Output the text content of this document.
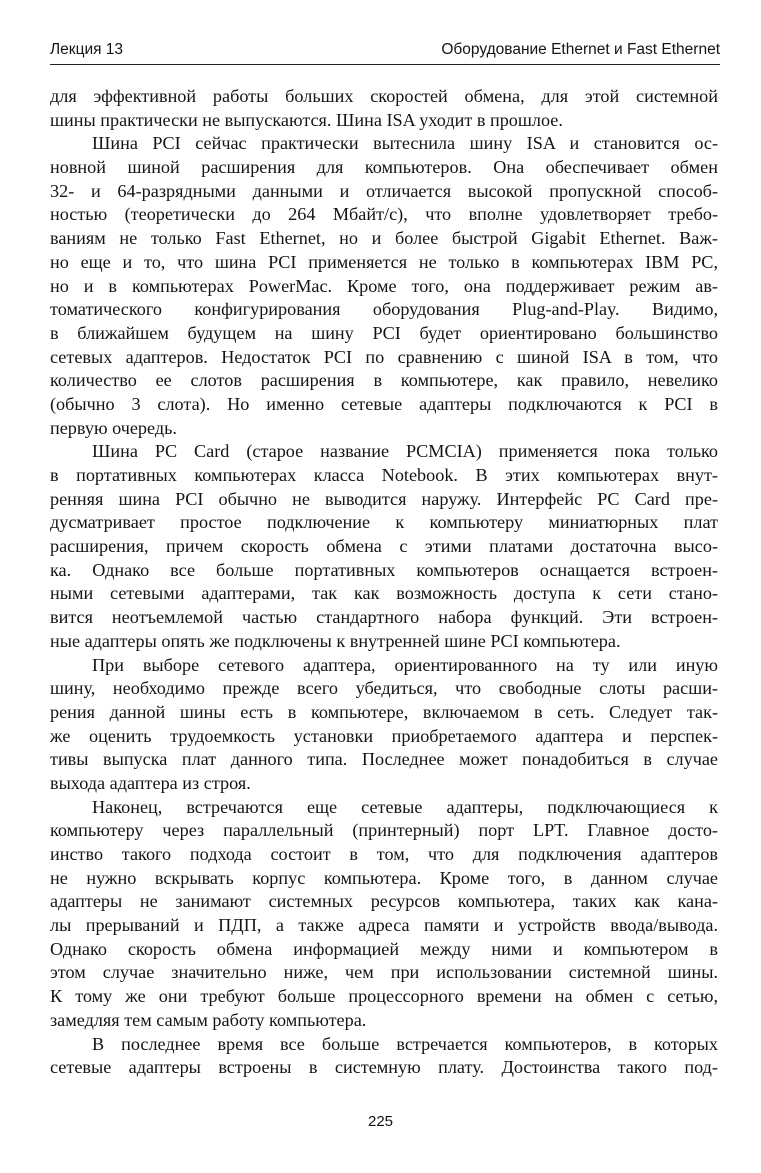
Лекция 13	Оборудование Ethernet и Fast Ethernet
для эффективной работы больших скоростей обмена, для этой системной
шины практически не выпускаются. Шина ISA уходит в прошлое.
Шина PCI сейчас практически вытеснила шину ISA и становится ос-
новной шиной расширения для компьютеров. Она обеспечивает обмен
32- и 64-разрядными данными и отличается высокой пропускной способ-
ностью (теоретически до 264 Мбайт/с), что вполне удовлетворяет требо-
ваниям не только Fast Ethernet, но и более быстрой Gigabit Ethernet. Важ-
но еще и то, что шина PCI применяется не только в компьютерах IBM PC,
но и в компьютерах PowerMac. Кроме того, она поддерживает режим ав-
томатического конфигурирования оборудования Plug-and-Play. Видимо,
в ближайшем будущем на шину PCI будет ориентировано большинство
сетевых адаптеров. Недостаток PCI по сравнению с шиной ISA в том, что
количество ее слотов расширения в компьютере, как правило, невелико
(обычно 3 слота). Но именно сетевые адаптеры подключаются к PCI в
первую очередь.
Шина PC Card (старое название PCMCIA) применяется пока только
в портативных компьютерах класса Notebook. В этих компьютерах внут-
ренняя шина PCI обычно не выводится наружу. Интерфейс PC Card пре-
дусматривает простое подключение к компьютеру миниатюрных плат
расширения, причем скорость обмена с этими платами достаточна высо-
ка. Однако все больше портативных компьютеров оснащается встроен-
ными сетевыми адаптерами, так как возможность доступа к сети стано-
вится неотъемлемой частью стандартного набора функций. Эти встроен-
ные адаптеры опять же подключены к внутренней шине PCI компьютера.
При выборе сетевого адаптера, ориентированного на ту или иную
шину, необходимо прежде всего убедиться, что свободные слоты расши-
рения данной шины есть в компьютере, включаемом в сеть. Следует так-
же оценить трудоемкость установки приобретаемого адаптера и перспек-
тивы выпуска плат данного типа. Последнее может понадобиться в случае
выхода адаптера из строя.
Наконец, встречаются еще сетевые адаптеры, подключающиеся к
компьютеру через параллельный (принтерный) порт LPT. Главное досто-
инство такого подхода состоит в том, что для подключения адаптеров
не нужно вскрывать корпус компьютера. Кроме того, в данном случае
адаптеры не занимают системных ресурсов компьютера, таких как кана-
лы прерываний и ПДП, а также адреса памяти и устройств ввода/вывода.
Однако скорость обмена информацией между ними и компьютером в
этом случае значительно ниже, чем при использовании системной шины.
К тому же они требуют больше процессорного времени на обмен с сетью,
замедляя тем самым работу компьютера.
В последнее время все больше встречается компьютеров, в которых
сетевые адаптеры встроены в системную плату. Достоинства такого под-
225
